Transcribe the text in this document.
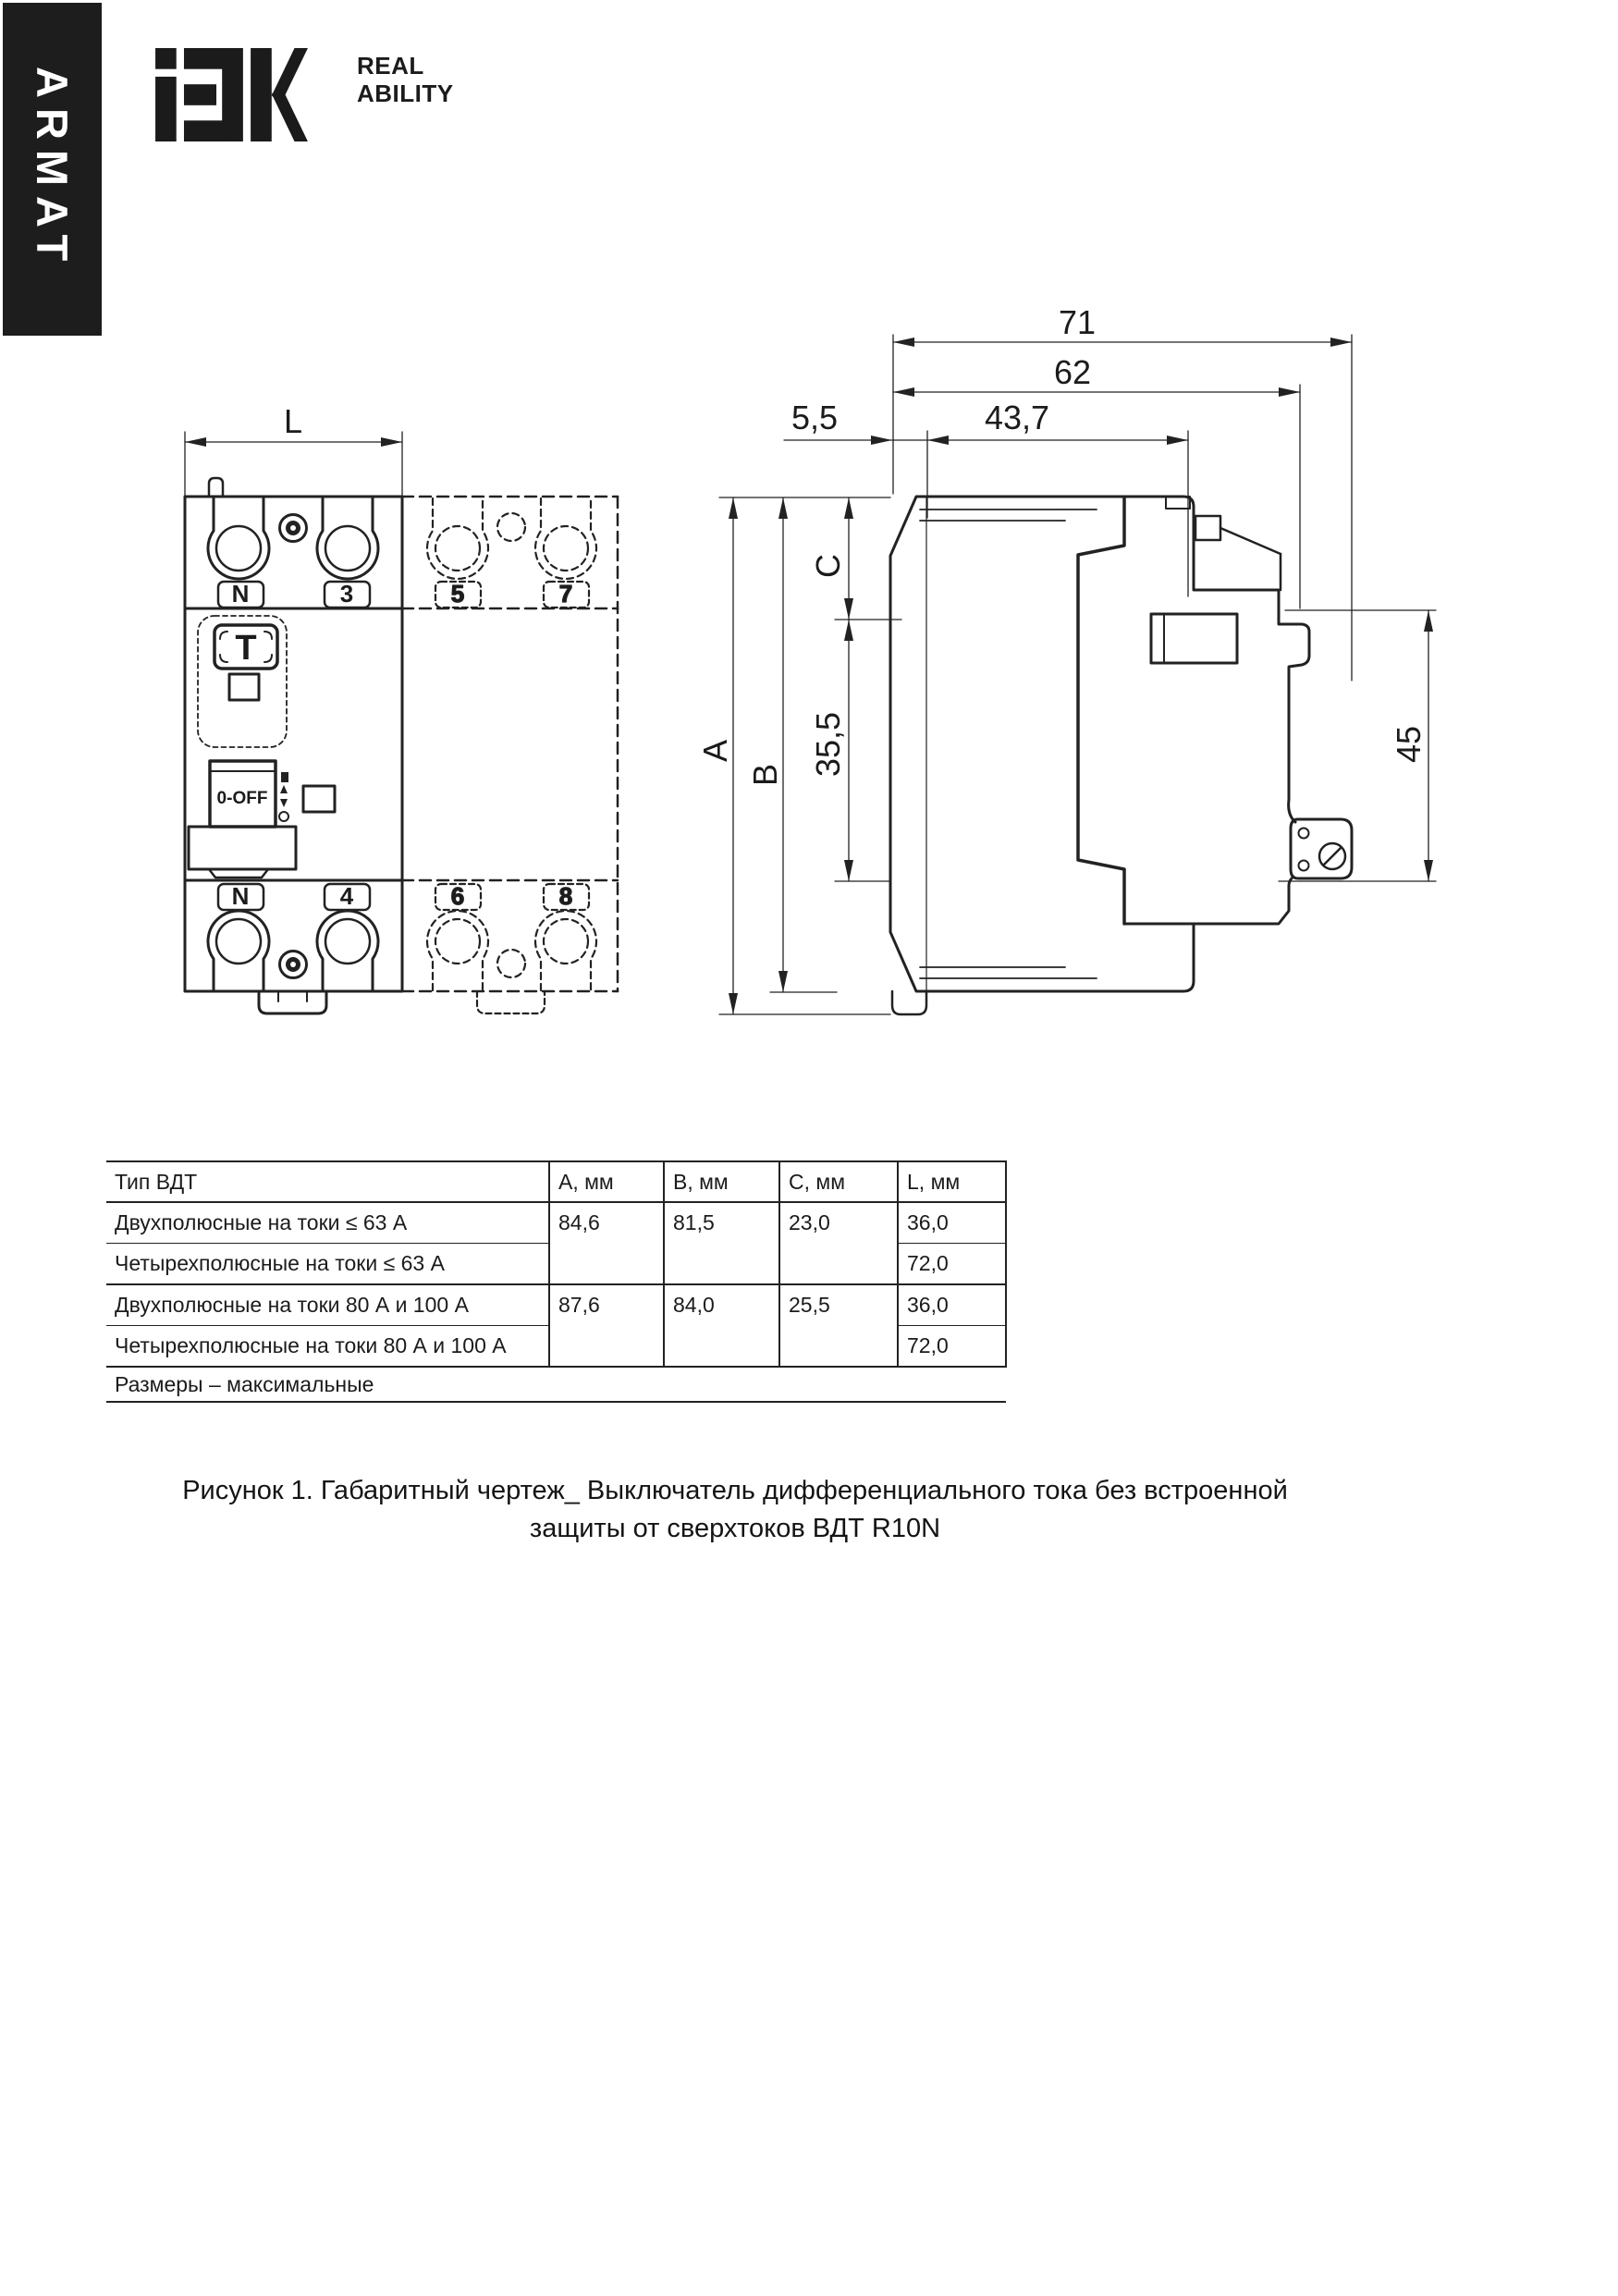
ARMAT
REAL
ABILITY
L
N	3
T
0-OFF
N	4
5	7
6	8
71
62
5,5	43,7
A
B
C
35,5	45
Тип ВДТ	A, мм	B, мм	C, мм	L, мм
Двухполюсные на токи ≤ 63 А	84,6	81,5	23,0	36,0
Четырехполюсные на токи ≤ 63 А				72,0
Двухполюсные на токи 80 А и 100 А	87,6	84,0	25,5	36,0
Четырехполюсные на токи 80 А и 100 А				72,0
Размеры – максимальные				
Рисунок 1. Габаритный чертеж_ Выключатель дифференциального тока без встроенной
защиты от сверхтоков ВДТ R10N
